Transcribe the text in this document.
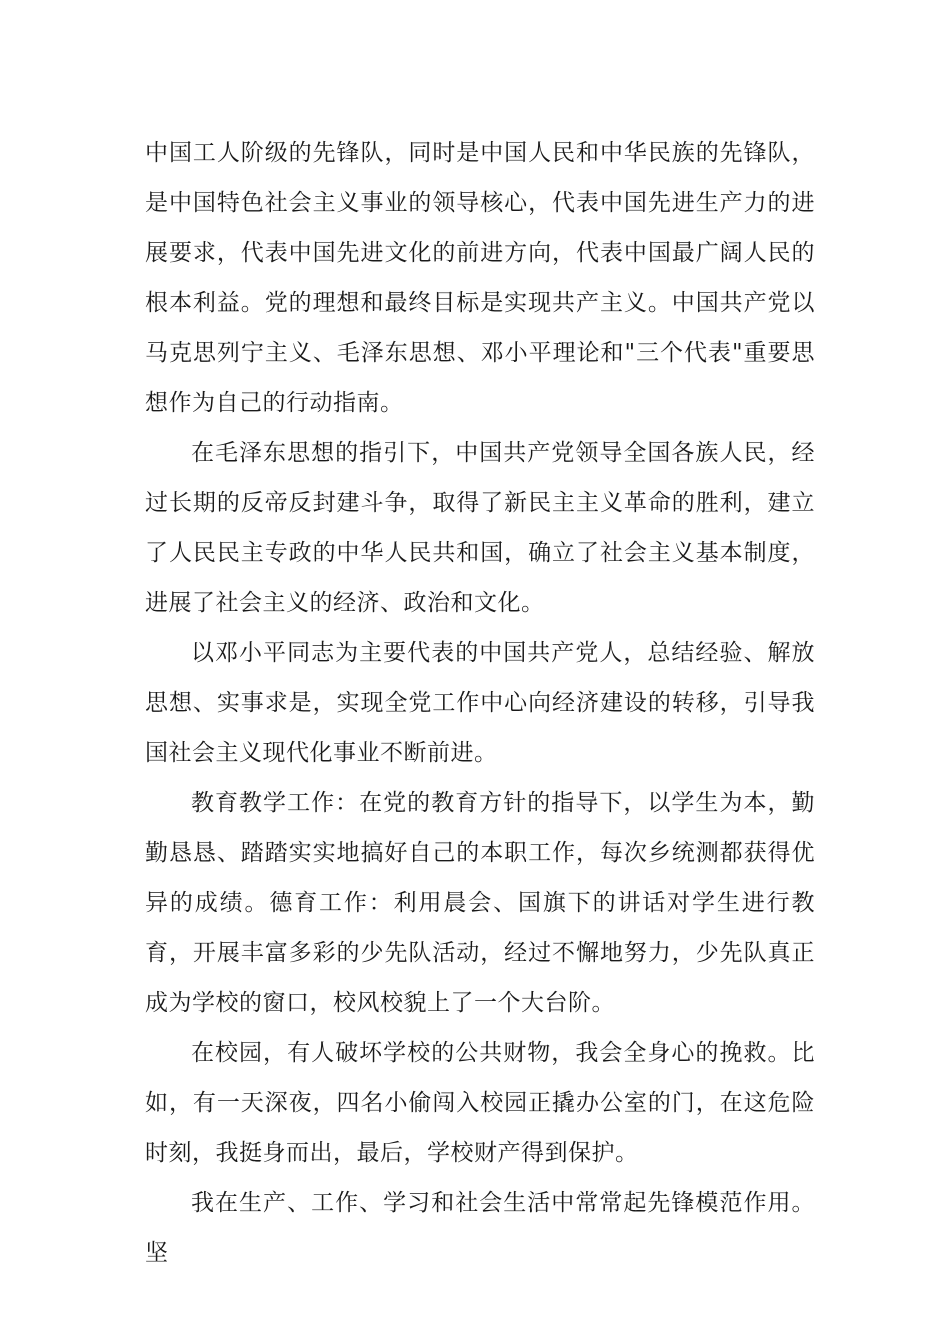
中国工人阶级的先锋队，同时是中国人民和中华民族的先锋队，是中国特色社会主义事业的领导核心，代表中国先进生产力的进展要求，代表中国先进文化的前进方向，代表中国最广阔人民的根本利益。党的理想和最终目标是实现共产主义。中国共产党以马克思列宁主义、毛泽东思想、邓小平理论和"三个代表"重要思想作为自己的行动指南。

在毛泽东思想的指引下，中国共产党领导全国各族人民，经过长期的反帝反封建斗争，取得了新民主主义革命的胜利，建立了人民民主专政的中华人民共和国，确立了社会主义基本制度，进展了社会主义的经济、政治和文化。

以邓小平同志为主要代表的中国共产党人，总结经验、解放思想、实事求是，实现全党工作中心向经济建设的转移，引导我国社会主义现代化事业不断前进。

教育教学工作：在党的教育方针的指导下，以学生为本，勤勤恳恳、踏踏实实地搞好自己的本职工作，每次乡统测都获得优异的成绩。德育工作：利用晨会、国旗下的讲话对学生进行教育，开展丰富多彩的少先队活动，经过不懈地努力，少先队真正成为学校的窗口，校风校貌上了一个大台阶。

在校园，有人破坏学校的公共财物，我会全身心的挽救。比如，有一天深夜，四名小偷闯入校园正撬办公室的门，在这危险时刻，我挺身而出，最后，学校财产得到保护。

我在生产、工作、学习和社会生活中常常起先锋模范作用。坚
